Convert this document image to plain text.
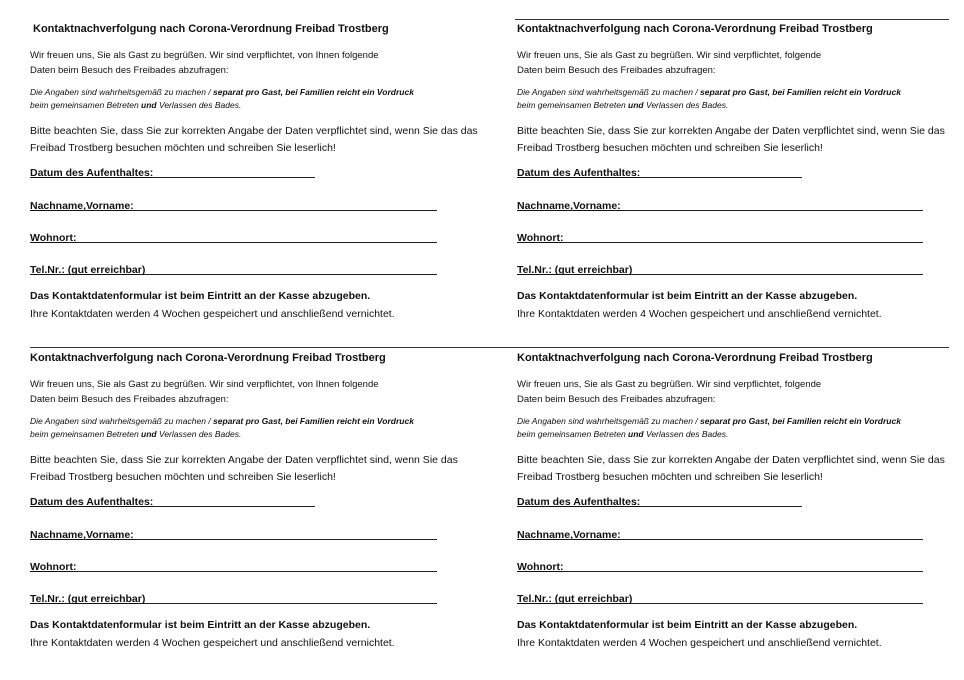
Kontaktnachverfolgung nach Corona-Verordnung Freibad Trostberg
Wir freuen uns, Sie als Gast zu begrüßen. Wir sind verpflichtet, von Ihnen folgende
Daten beim Besuch des Freibades abzufragen:
Die Angaben sind wahrheitsgemäß zu machen / separat pro Gast, bei Familien reicht ein Vordruck
beim gemeinsamen Betreten und Verlassen des Bades.
Bitte beachten Sie, dass Sie zur korrekten Angabe der Daten verpflichtet sind, wenn Sie das das Freibad Trostberg besuchen möchten und schreiben Sie leserlich!
Datum des Aufenthaltes:
Nachname,Vorname:
Wohnort:
Tel.Nr.: (gut erreichbar)
Das Kontaktdatenformular ist beim Eintritt an der Kasse abzugeben.
Ihre Kontaktdaten werden 4 Wochen gespeichert und anschließend vernichtet.
Kontaktnachverfolgung nach Corona-Verordnung Freibad Trostberg
Wir freuen uns, Sie als Gast zu begrüßen. Wir sind verpflichtet, folgende
Daten beim Besuch des Freibades abzufragen:
Die Angaben sind wahrheitsgemäß zu machen / separat pro Gast, bei Familien reicht ein Vordruck
beim gemeinsamen Betreten und Verlassen des Bades.
Bitte beachten Sie, dass Sie zur korrekten Angabe der Daten verpflichtet sind, wenn Sie das Freibad Trostberg besuchen möchten und schreiben Sie leserlich!
Datum des Aufenthaltes:
Nachname,Vorname:
Wohnort:
Tel.Nr.: (gut erreichbar)
Das Kontaktdatenformular ist beim Eintritt an der Kasse abzugeben.
Ihre Kontaktdaten werden 4 Wochen gespeichert und anschließend vernichtet.
Kontaktnachverfolgung nach Corona-Verordnung Freibad Trostberg
Wir freuen uns, Sie als Gast zu begrüßen. Wir sind verpflichtet, von Ihnen folgende
Daten beim Besuch des Freibades abzufragen:
Die Angaben sind wahrheitsgemäß zu machen / separat pro Gast, bei Familien reicht ein Vordruck
beim gemeinsamen Betreten und Verlassen des Bades.
Bitte beachten Sie, dass Sie zur korrekten Angabe der Daten verpflichtet sind, wenn Sie das Freibad Trostberg besuchen möchten und schreiben Sie leserlich!
Datum des Aufenthaltes:
Nachname,Vorname:
Wohnort:
Tel.Nr.: (gut erreichbar)
Das Kontaktdatenformular ist beim Eintritt an der Kasse abzugeben.
Ihre Kontaktdaten werden 4 Wochen gespeichert und anschließend vernichtet.
Kontaktnachverfolgung nach Corona-Verordnung Freibad Trostberg
Wir freuen uns, Sie als Gast zu begrüßen. Wir sind verpflichtet, folgende
Daten beim Besuch des Freibades abzufragen:
Die Angaben sind wahrheitsgemäß zu machen / separat pro Gast, bei Familien reicht ein Vordruck
beim gemeinsamen Betreten und Verlassen des Bades.
Bitte beachten Sie, dass Sie zur korrekten Angabe der Daten verpflichtet sind, wenn Sie das Freibad Trostberg besuchen möchten und schreiben Sie leserlich!
Datum des Aufenthaltes:
Nachname,Vorname:
Wohnort:
Tel.Nr.: (gut erreichbar)
Das Kontaktdatenformular ist beim Eintritt an der Kasse abzugeben.
Ihre Kontaktdaten werden 4 Wochen gespeichert und anschließend vernichtet.
